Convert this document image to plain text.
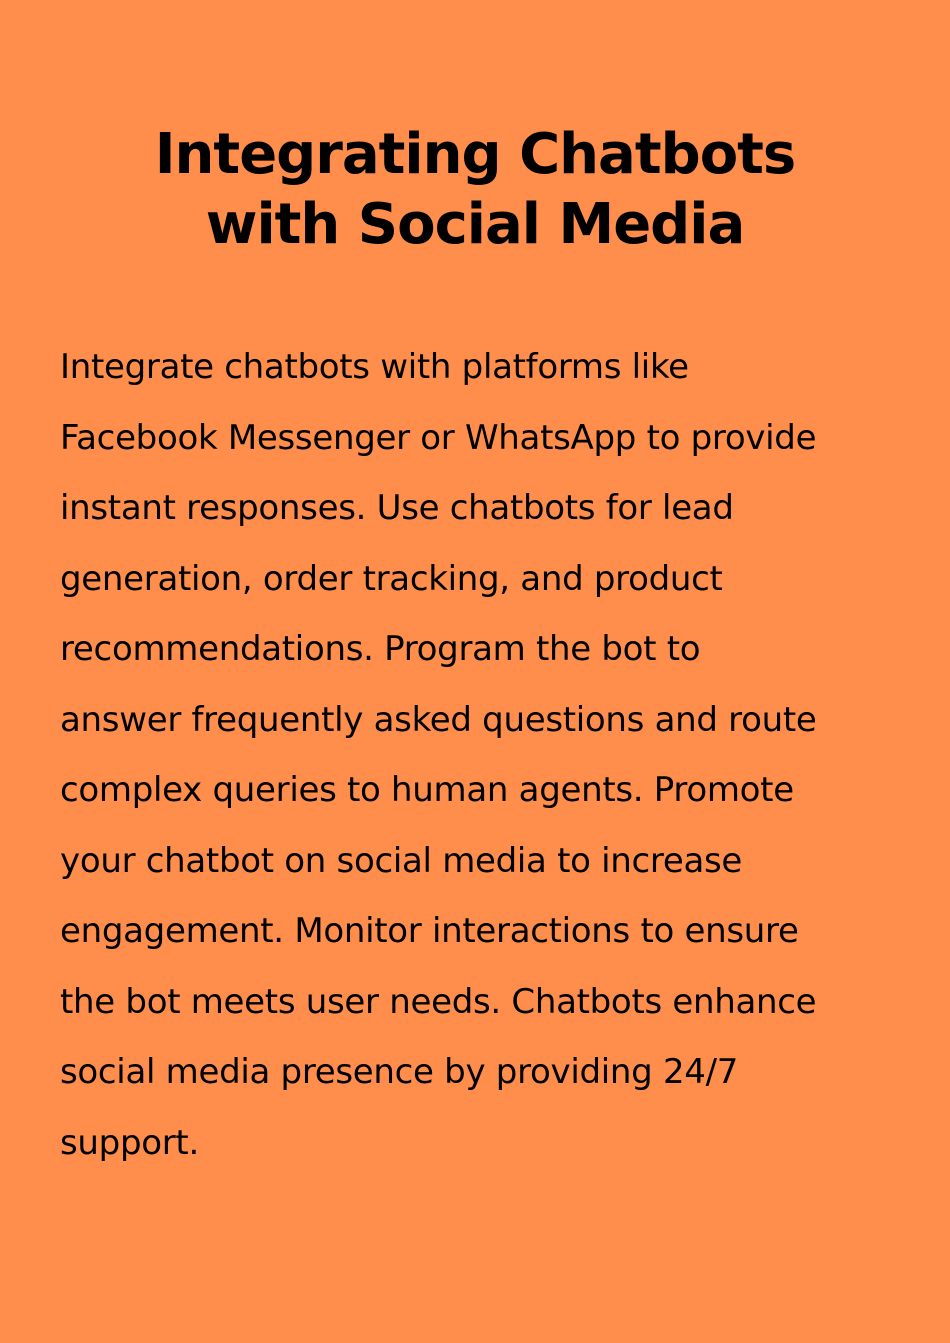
Integrating Chatbots
with Social Media

Integrate chatbots with platforms like
Facebook Messenger or WhatsApp to provide
instant responses. Use chatbots for lead
generation, order tracking, and product
recommendations. Program the bot to
answer frequently asked questions and route
complex queries to human agents. Promote
your chatbot on social media to increase
engagement. Monitor interactions to ensure
the bot meets user needs. Chatbots enhance
social media presence by providing 24/7
support.
